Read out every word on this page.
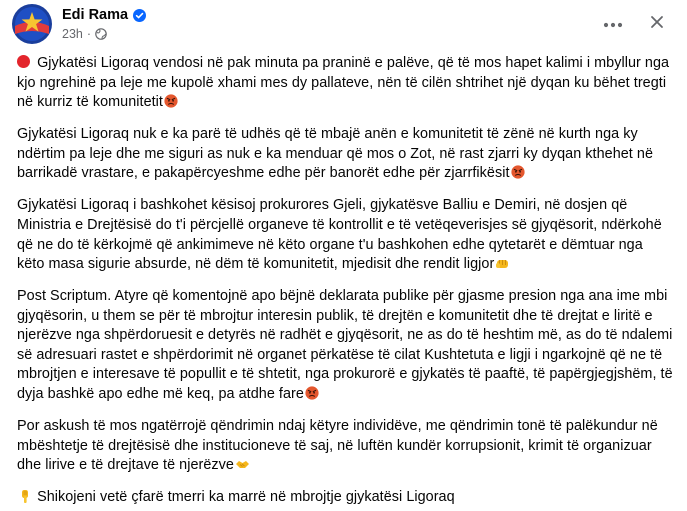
Edi Rama
23h ·

Gjykatësi Ligoraq vendosi në pak minuta pa praninë e palëve, që të mos hapet kalimi i mbyllur nga kjo ngrehinë pa leje me kupolë xhami mes dy pallateve, nën të cilën shtrihet një dyqan ku bëhet tregti në kurriz të komunitetit

Gjykatësi Ligoraq nuk e ka parë të udhës që të mbajë anën e komunitetit të zënë në kurth nga ky ndërtim pa leje dhe me siguri as nuk e ka menduar që mos o Zot, në rast zjarri ky dyqan kthehet në barrikadë vrastare, e pakapërcyeshme edhe për banorët edhe për zjarrfikësit

Gjykatësi Ligoraq i bashkohet kësisoj prokurores Gjeli, gjykatësve Balliu e Demiri, në dosjen që Ministria e Drejtësisë do t'i përcjellë organeve të kontrollit e të vetëqeverisjes së gjyqësorit, ndërkohë që ne do të kërkojmë që ankimimeve në këto organe t'u bashkohen edhe qytetarët e dëmtuar nga këto masa sigurie absurde, në dëm të komunitetit, mjedisit dhe rendit ligjor

Post Scriptum. Atyre që komentojnë apo bëjnë deklarata publike për gjasme presion nga ana ime mbi gjyqësorin, u them se për të mbrojtur interesin publik, të drejtën e komunitetit dhe të drejtat e liritë e njerëzve nga shpërdoruesit e detyrës në radhët e gjyqësorit, ne as do të heshtim më, as do të ndalemi së adresuari rastet e shpërdorimit në organet përkatëse të cilat Kushtetuta e ligji i ngarkojnë që ne të mbrojtjen e interesave të popullit e të shtetit, nga prokurorë e gjykatës të paaftë, të papërgjegjshëm, të dyja bashkë apo edhe më keq, pa atdhe fare

Por askush të mos ngatërrojë qëndrimin ndaj këtyre individëve, me qëndrimin tonë të palëkundur në mbështetje të drejtësisë dhe institucioneve të saj, në luftën kundër korrupsionit, krimit të organizuar dhe lirive e të drejtave të njerëzve

Shikojeni vetë çfarë tmerri ka marrë në mbrojtje gjykatësi Ligoraq
